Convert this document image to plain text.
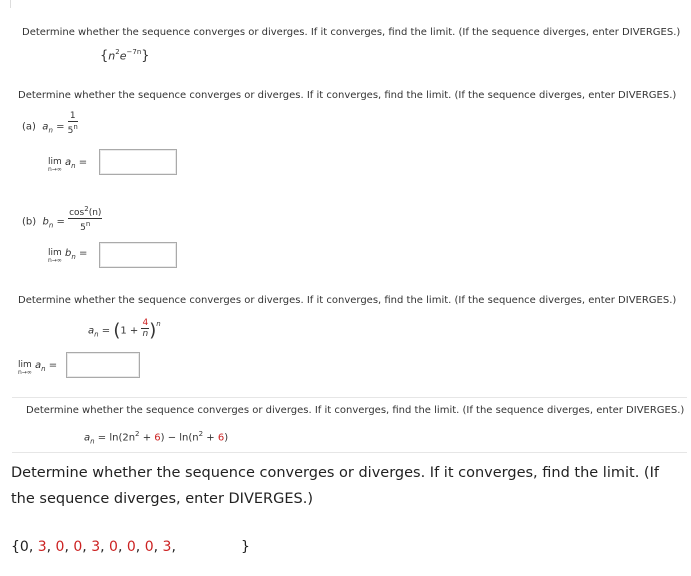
Determine whether the sequence converges or diverges. If it converges, find the limit. (If the sequence diverges, enter DIVERGES.)
$\{n^2e^{-7n}\}$
Determine whether the sequence converges or diverges. If it converges, find the limit. (If the sequence diverges, enter DIVERGES.)
(a) $a_n = \frac{1}{5^n}$
lim
n→∞
$a_n$ =
(b) $b_n = \frac{\cos^2(n)}{5^n}$
lim
n→∞
$b_n$ =
Determine whether the sequence converges or diverges. If it converges, find the limit. (If the sequence diverges, enter DIVERGES.)
$a_n = (1 + \frac{4}{n} )^n$
lim
n→∞
$a_n$ =
Determine whether the sequence converges or diverges. If it converges, find the limit. (If the sequence diverges, enter DIVERGES.)
$a_n = \ln(2n^2 + 6) - \ln(n^2 + 6)$
Determine whether the sequence converges or diverges. If it converges, find the limit. (If
the sequence diverges, enter DIVERGES.)
{0, 3, 0, 0, 3, 0, 0, 0, 3,	}
